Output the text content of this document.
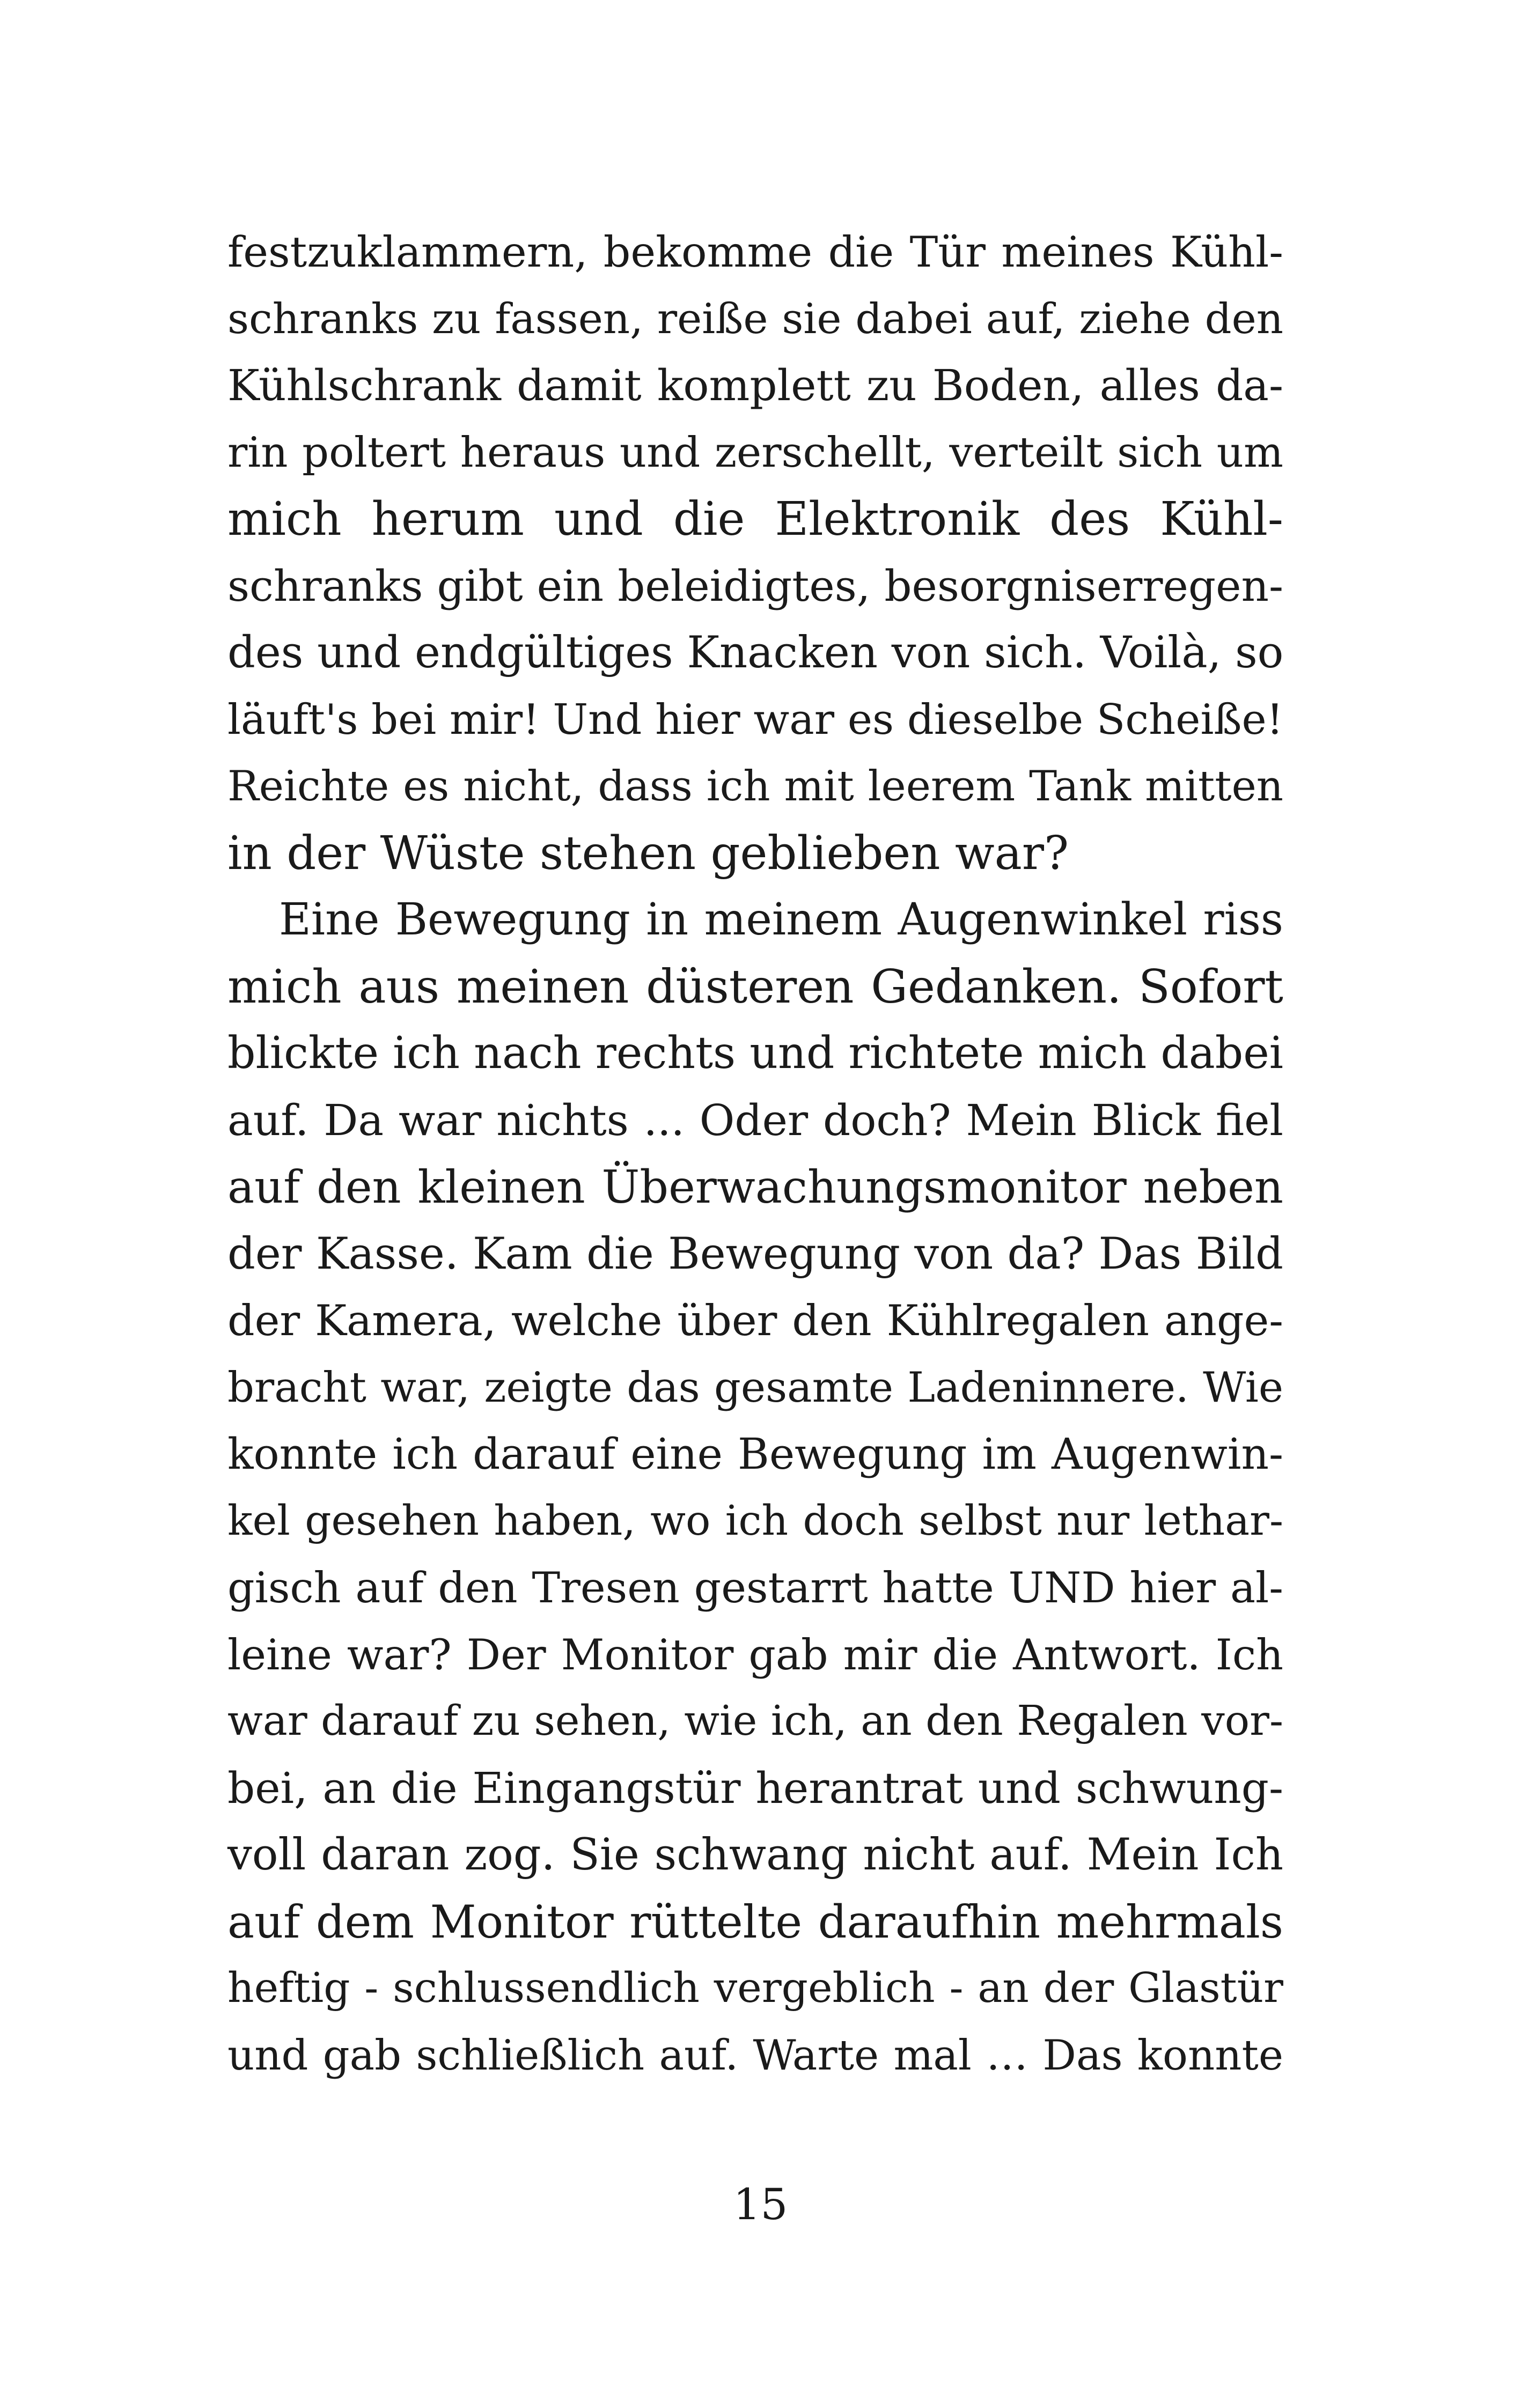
festzuklammern, bekomme die Tür meines Kühl-
schranks zu fassen, reiße sie dabei auf, ziehe den
Kühlschrank damit komplett zu Boden, alles da-
rin poltert heraus und zerschellt, verteilt sich um
mich herum und die Elektronik des Kühl-
schranks gibt ein beleidigtes, besorgniserregen-
des und endgültiges Knacken von sich. Voilà, so
läuft's bei mir! Und hier war es dieselbe Scheiße!
Reichte es nicht, dass ich mit leerem Tank mitten
in der Wüste stehen geblieben war?
Eine Bewegung in meinem Augenwinkel riss
mich aus meinen düsteren Gedanken. Sofort
blickte ich nach rechts und richtete mich dabei
auf. Da war nichts ... Oder doch? Mein Blick fiel
auf den kleinen Überwachungsmonitor neben
der Kasse. Kam die Bewegung von da? Das Bild
der Kamera, welche über den Kühlregalen ange-
bracht war, zeigte das gesamte Ladeninnere. Wie
konnte ich darauf eine Bewegung im Augenwin-
kel gesehen haben, wo ich doch selbst nur lethar-
gisch auf den Tresen gestarrt hatte UND hier al-
leine war? Der Monitor gab mir die Antwort. Ich
war darauf zu sehen, wie ich, an den Regalen vor-
bei, an die Eingangstür herantrat und schwung-
voll daran zog. Sie schwang nicht auf. Mein Ich
auf dem Monitor rüttelte daraufhin mehrmals
heftig - schlussendlich vergeblich - an der Glastür
und gab schließlich auf. Warte mal … Das konnte
15
